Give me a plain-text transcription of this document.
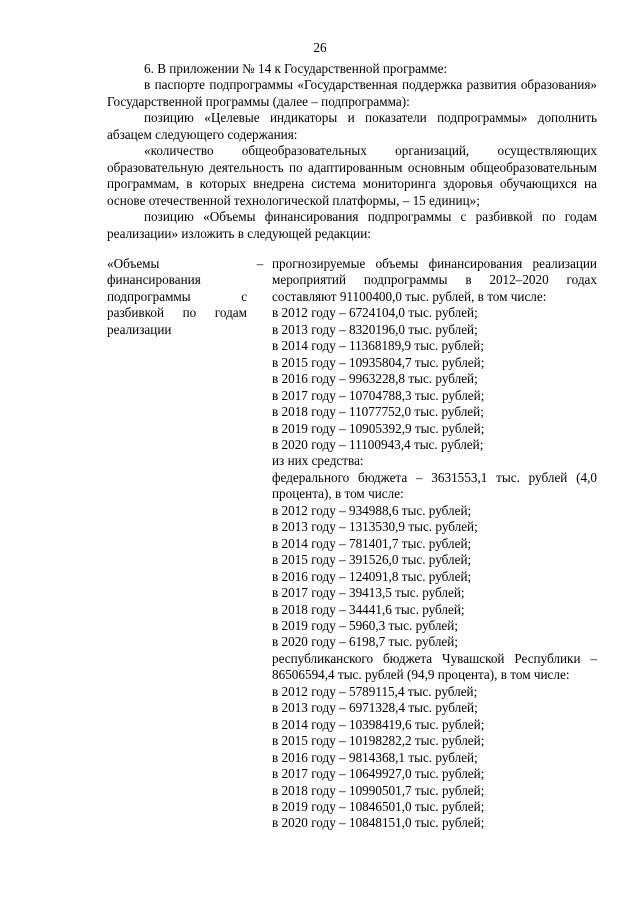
26

6. В приложении № 14 к Государственной программе:

в паспорте подпрограммы «Государственная поддержка развития образования» Государственной программы (далее – подпрограмма):

позицию «Целевые индикаторы и показатели подпрограммы» дополнить абзацем следующего содержания:

«количество общеобразовательных организаций, осуществляющих образовательную деятельность по адаптированным основным общеобразовательным программам, в которых внедрена система мониторинга здоровья обучающихся на основе отечественной технологической платформы, – 15 единиц»;

позицию «Объемы финансирования подпрограммы с разбивкой по годам реализации» изложить в следующей редакции:

«Объемы финансирования подпрограммы с разбивкой по годам реализации
– прогнозируемые объемы финансирования реализации мероприятий подпрограммы в 2012–2020 годах составляют 91100400,0 тыс. рублей, в том числе:
в 2012 году – 6724104,0 тыс. рублей;
в 2013 году – 8320196,0 тыс. рублей;
в 2014 году – 11368189,9 тыс. рублей;
в 2015 году – 10935804,7 тыс. рублей;
в 2016 году – 9963228,8 тыс. рублей;
в 2017 году – 10704788,3 тыс. рублей;
в 2018 году – 11077752,0 тыс. рублей;
в 2019 году – 10905392,9 тыс. рублей;
в 2020 году – 11100943,4 тыс. рублей;
из них средства:
федерального бюджета – 3631553,1 тыс. рублей (4,0 процента), в том числе:
в 2012 году – 934988,6 тыс. рублей;
в 2013 году – 1313530,9 тыс. рублей;
в 2014 году – 781401,7 тыс. рублей;
в 2015 году – 391526,0 тыс. рублей;
в 2016 году – 124091,8 тыс. рублей;
в 2017 году – 39413,5 тыс. рублей;
в 2018 году – 34441,6 тыс. рублей;
в 2019 году – 5960,3 тыс. рублей;
в 2020 году – 6198,7 тыс. рублей;
республиканского бюджета Чувашской Республики – 86506594,4 тыс. рублей (94,9 процента), в том числе:
в 2012 году – 5789115,4 тыс. рублей;
в 2013 году – 6971328,4 тыс. рублей;
в 2014 году – 10398419,6 тыс. рублей;
в 2015 году – 10198282,2 тыс. рублей;
в 2016 году – 9814368,1 тыс. рублей;
в 2017 году – 10649927,0 тыс. рублей;
в 2018 году – 10990501,7 тыс. рублей;
в 2019 году – 10846501,0 тыс. рублей;
в 2020 году – 10848151,0 тыс. рублей;
